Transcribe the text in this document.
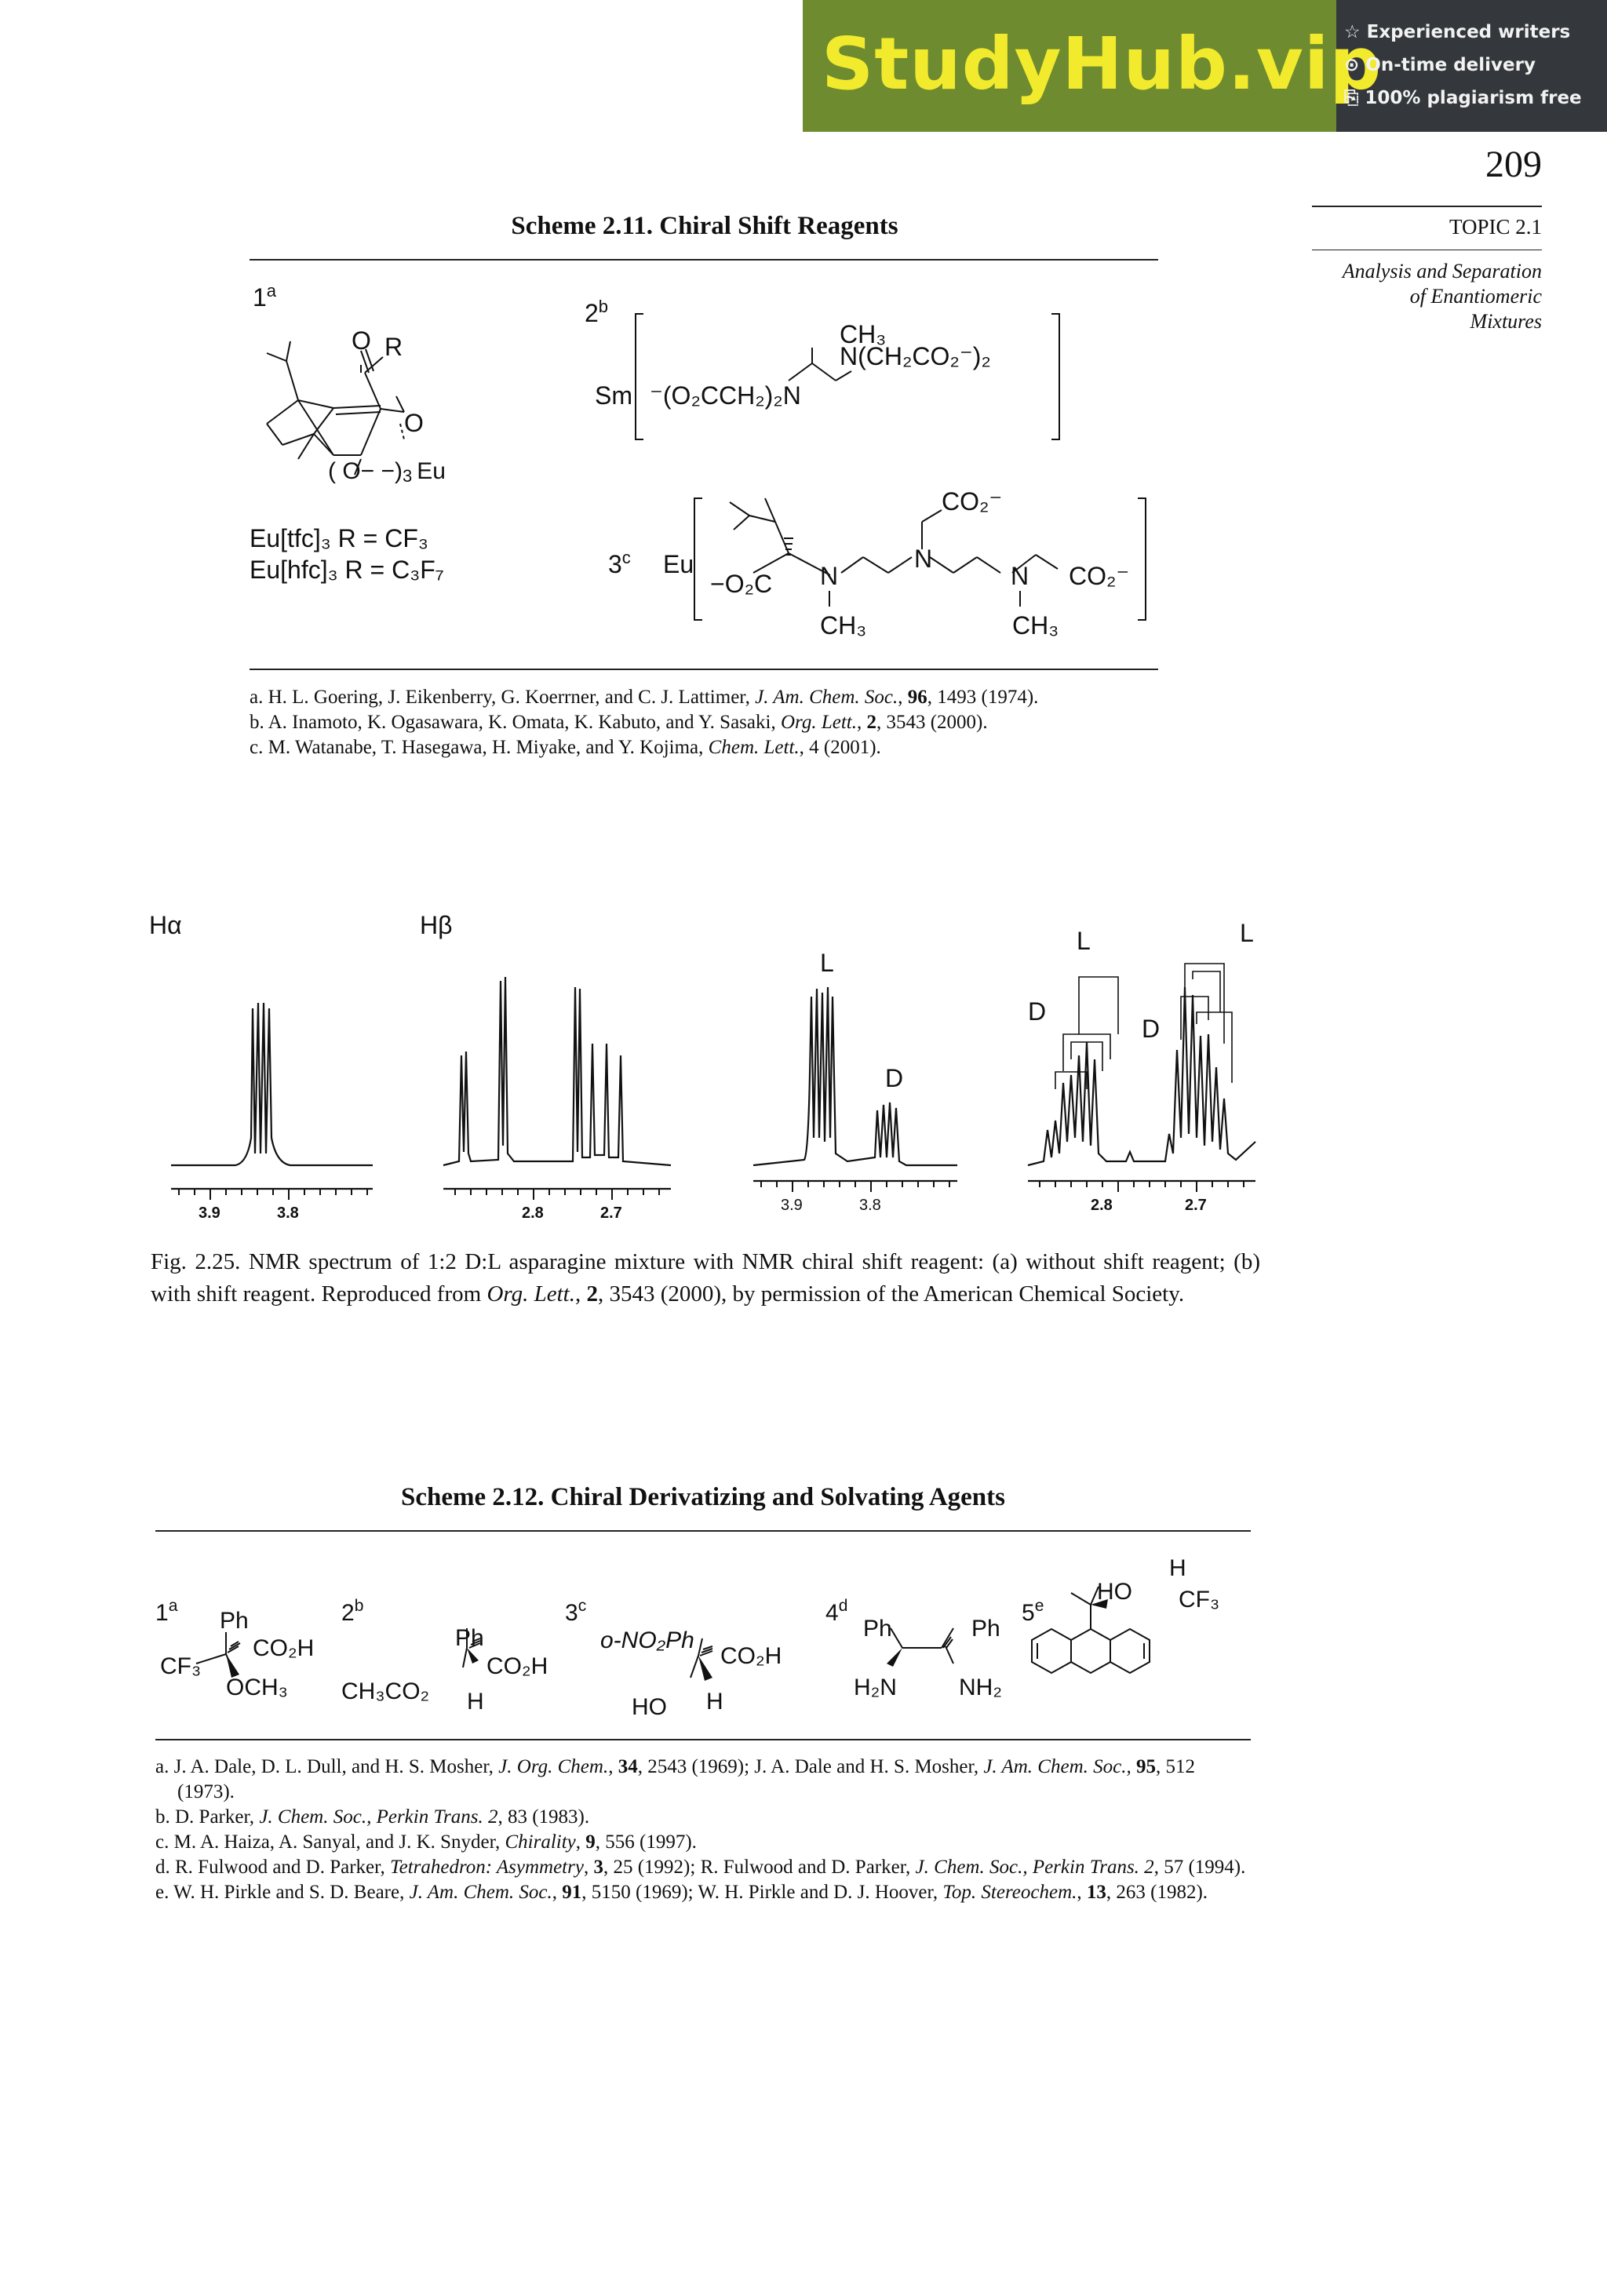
StudyHub.vip
☆ Experienced writers
⊙ On-time delivery
⎘ 100% plagiarism free
209
TOPIC 2.1
Analysis and Separation
of Enantiomeric
Mixtures
Scheme 2.11. Chiral Shift Reagents
1$^a$
O R
O
( O− −)3 Eu
Eu[tfc]₃ R = CF₃
Eu[hfc]₃ R = C₃F₇
2$^b$
Sm ⁻(O₂CCH₂)₂N
N(CH₂CO₂⁻)₂
CH₃
3$^c$ Eu
−O₂C N
N
N
CO₂⁻
CO₂⁻
CH₃	CH₃
a. H. L. Goering, J. Eikenberry, G. Koerrner, and C. J. Lattimer, J. Am. Chem. Soc., 96, 1493 (1974).
b. A. Inamoto, K. Ogasawara, K. Omata, K. Kabuto, and Y. Sasaki, Org. Lett., 2, 3543 (2000).
c. M. Watanabe, T. Hasegawa, H. Miyake, and Y. Kojima, Chem. Lett., 4 (2001).
Hα	Hβ
L
D
L
D
D
L
3.9	3.8	2.8	2.7	3.9	3.8	2.8	2.7
Fig. 2.25. NMR spectrum of 1:2 D:L asparagine mixture with NMR chiral shift reagent: (a) without shift reagent; (b) with shift reagent. Reproduced from Org. Lett., 2, 3543 (2000), by permission of the American Chemical Society.
Scheme 2.12. Chiral Derivatizing and Solvating Agents
1$^a$
Ph
CO₂H
CF₃
OCH₃
2$^b$
Ph
CO₂H
CH₃CO₂ H
3$^c$
o-NO₂Ph
CO₂H
HO H
4$^d$
Ph	Ph
H₂N	NH₂
5e
H
HO CF₃
a. J. A. Dale, D. L. Dull, and H. S. Mosher, J. Org. Chem., 34, 2543 (1969); J. A. Dale and H. S. Mosher, J. Am. Chem. Soc., 95, 512 (1973).
b. D. Parker, J. Chem. Soc., Perkin Trans. 2, 83 (1983).
c. M. A. Haiza, A. Sanyal, and J. K. Snyder, Chirality, 9, 556 (1997).
d. R. Fulwood and D. Parker, Tetrahedron: Asymmetry, 3, 25 (1992); R. Fulwood and D. Parker, J. Chem. Soc., Perkin Trans. 2, 57 (1994).
e. W. H. Pirkle and S. D. Beare, J. Am. Chem. Soc., 91, 5150 (1969); W. H. Pirkle and D. J. Hoover, Top. Stereochem., 13, 263 (1982).
